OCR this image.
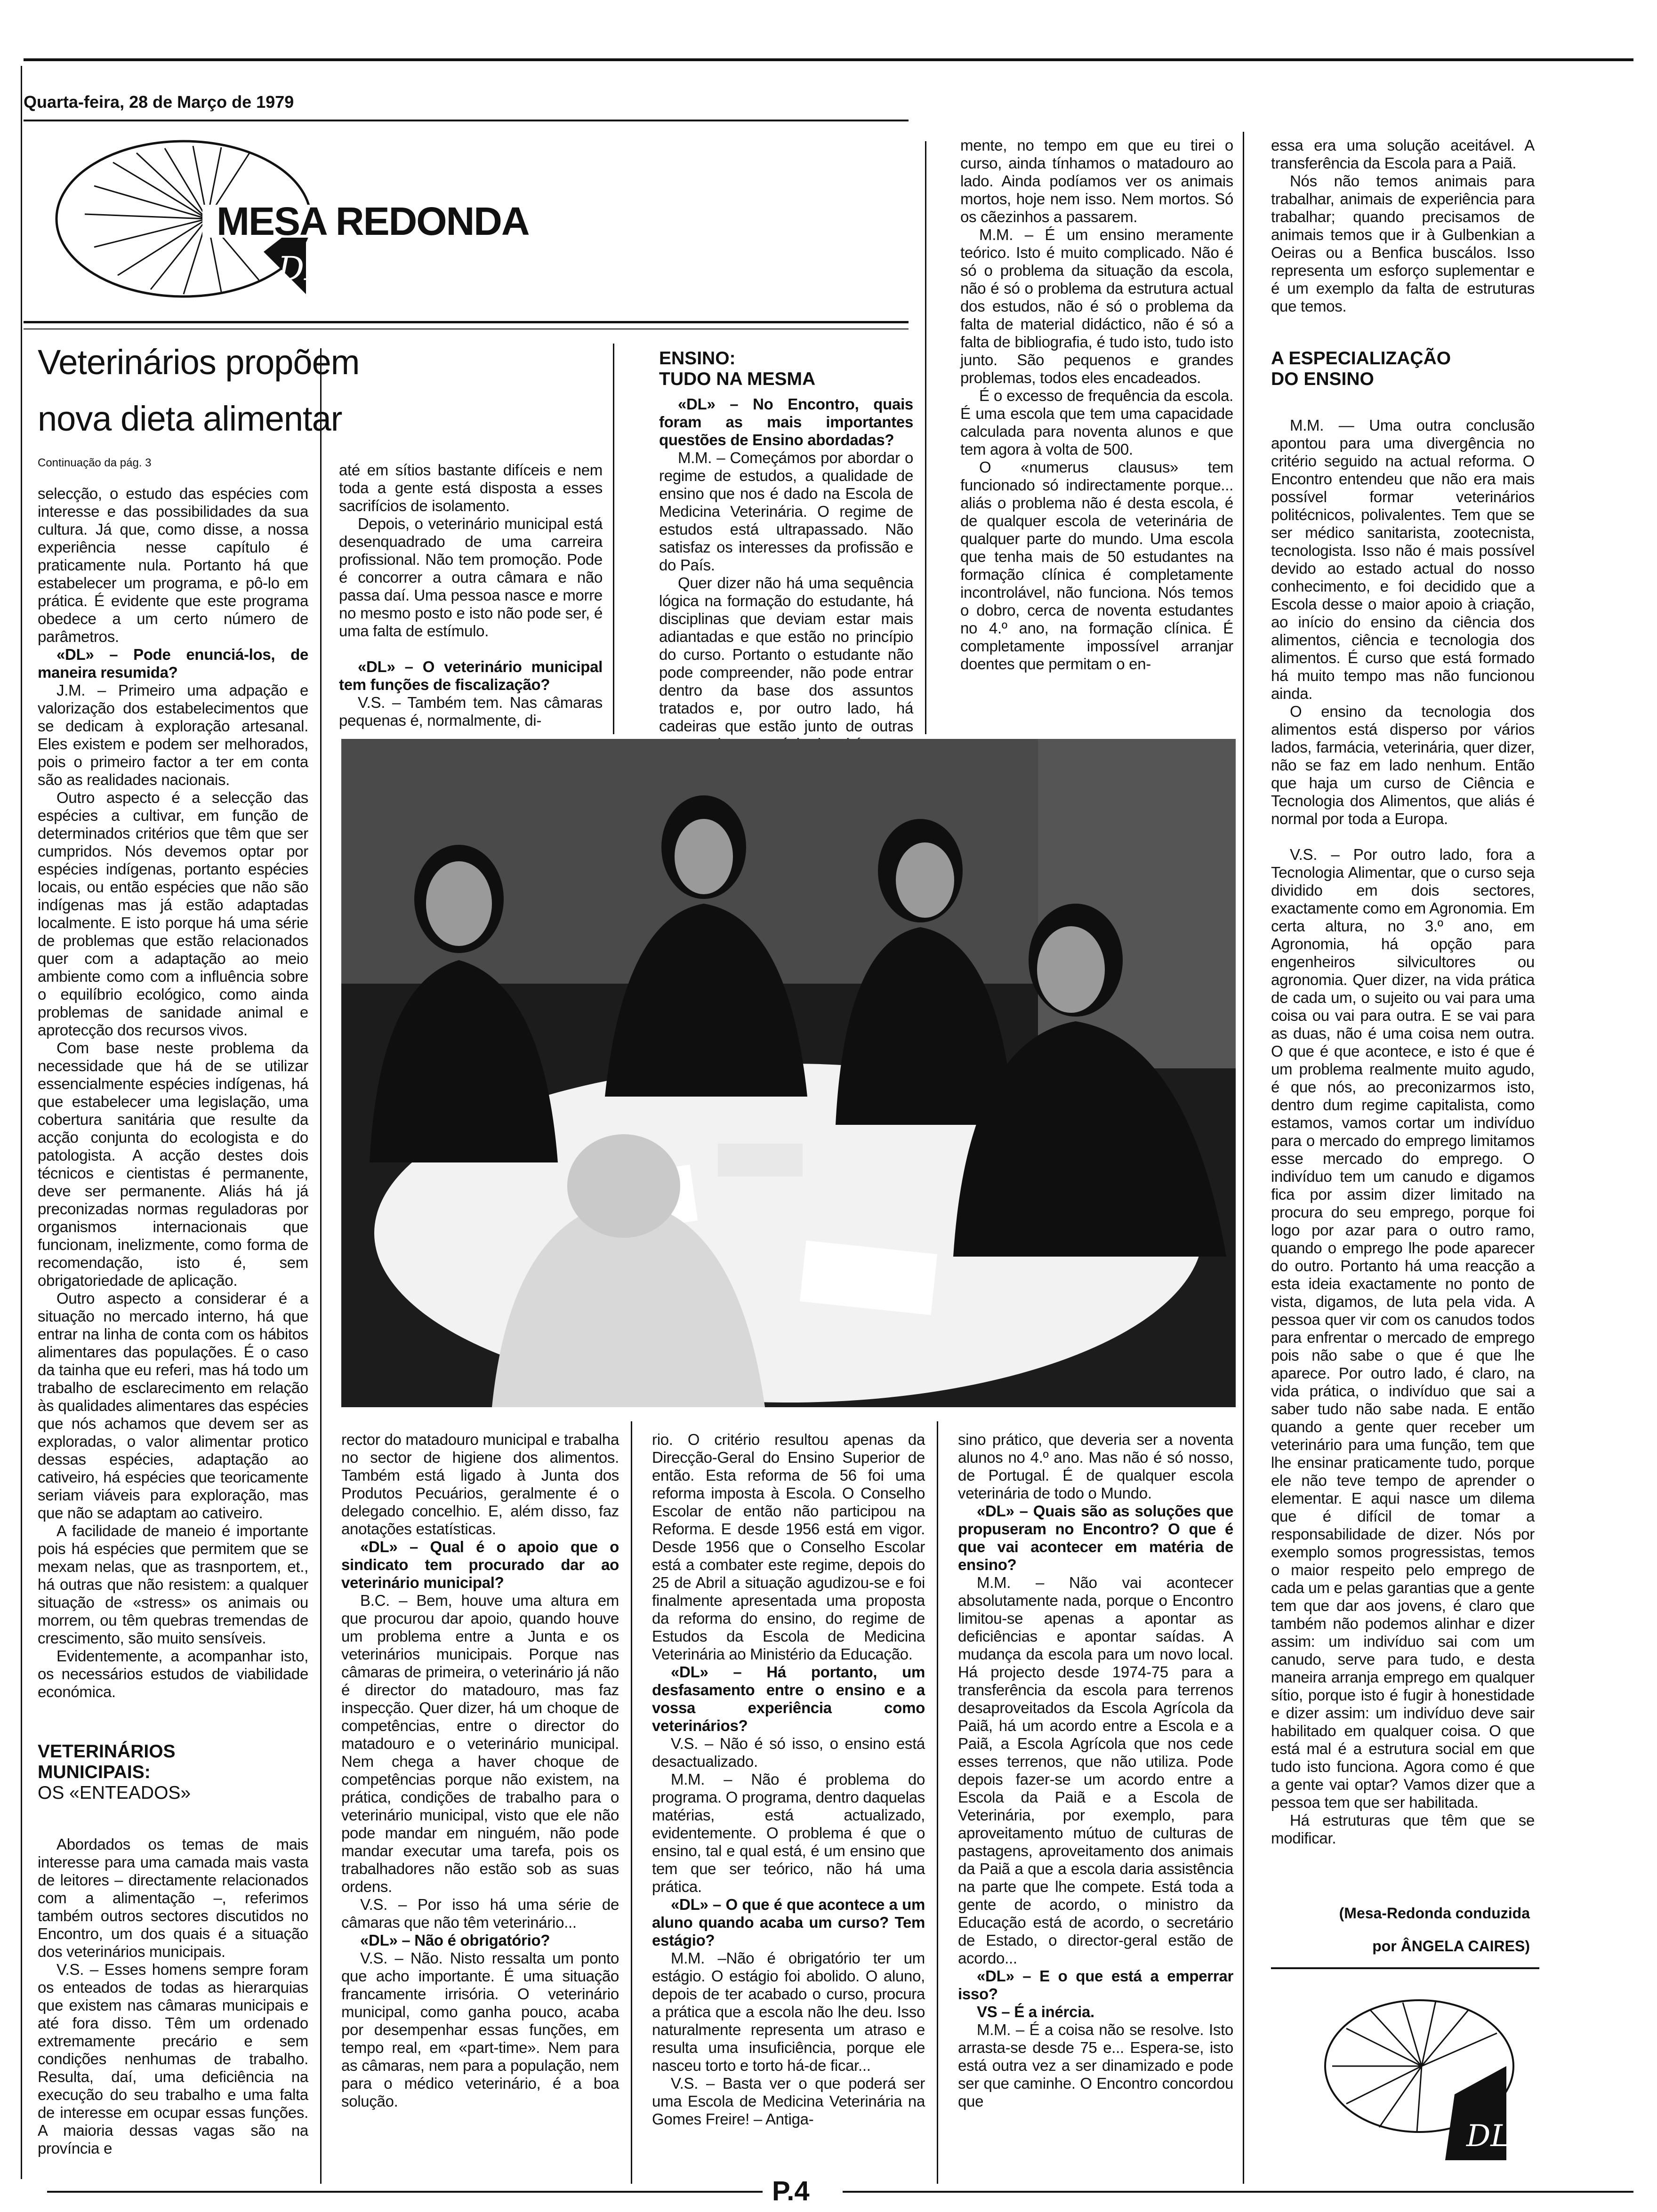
Quarta-feira, 28 de Março de 1979
DL
MESA REDONDA
Veterinários propõem
nova dieta alimentar
Continuação da pág. 3

selecção, o estudo das espécies com interesse e das possibilidades da sua cultura. Já que, como disse, a nossa experiência nesse capítulo é praticamente nula. Portanto há que estabelecer um programa, e pô-lo em prática. É evidente que este programa obedece a um certo número de parâmetros.

«DL» – Pode enunciá-los, de maneira resumida?

J.M. – Primeiro uma adpação e valorização dos estabelecimentos que se dedicam à exploração artesanal. Eles existem e podem ser melhorados, pois o primeiro factor a ter em conta são as realidades nacionais.

Outro aspecto é a selecção das espécies a cultivar, em função de determinados critérios que têm que ser cumpridos. Nós devemos optar por espécies indígenas, portanto espécies locais, ou então espécies que não são indígenas mas já estão adaptadas localmente. E isto porque há uma série de problemas que estão relacionados quer com a adaptação ao meio ambiente como com a influência sobre o equilíbrio ecológico, como ainda problemas de sanidade animal e aprotecção dos recursos vivos.

Com base neste problema da necessidade que há de se utilizar essencialmente espécies indígenas, há que estabelecer uma legislação, uma cobertura sanitária que resulte da acção conjunta do ecologista e do patologista. A acção destes dois técnicos e cientistas é permanente, deve ser permanente. Aliás há já preconizadas normas reguladoras por organismos internacionais que funcionam, inelizmente, como forma de recomendação, isto é, sem obrigatoriedade de aplicação.

Outro aspecto a considerar é a situação no mercado interno, há que entrar na linha de conta com os hábitos alimentares das populações. É o caso da tainha que eu referi, mas há todo um trabalho de esclarecimento em relação às qualidades alimentares das espécies que nós achamos que devem ser as exploradas, o valor alimentar protico dessas espécies, adaptação ao cativeiro, há espécies que teoricamente seriam viáveis para exploração, mas que não se adaptam ao cativeiro.

A facilidade de maneio é importante pois há espécies que permitem que se mexam nelas, que as trasnportem, et., há outras que não resistem: a qualquer situação de «stress» os animais ou morrem, ou têm quebras tremendas de crescimento, são muito sensíveis.

Evidentemente, a acompanhar isto, os necessários estudos de viabilidade económica.

VETERINÁRIOS

MUNICIPAIS:

OS «ENTEADOS»

Abordados os temas de mais interesse para uma camada mais vasta de leitores – directamente relacionados com a alimentação –, referimos também outros sectores discutidos no Encontro, um dos quais é a situação dos veterinários municipais.

V.S. – Esses homens sempre foram os enteados de todas as hierarquias que existem nas câmaras municipais e até fora disso. Têm um ordenado extremamente precário e sem condições nenhumas de trabalho. Resulta, daí, uma deficiência na execução do seu trabalho e uma falta de interesse em ocupar essas funções. A maioria dessas vagas são na província e

até em sítios bastante difíceis e nem toda a gente está disposta a esses sacrifícios de isolamento.

Depois, o veterinário municipal está desenquadrado de uma carreira profissional. Não tem promoção. Pode é concorrer a outra câmara e não passa daí. Uma pessoa nasce e morre no mesmo posto e isto não pode ser, é uma falta de estímulo.

«DL» – O veterinário municipal tem funções de fiscalização?

V.S. – Também tem. Nas câmaras pequenas é, normalmente, di-

ENSINO:

TUDO NA MESMA

«DL» – No Encontro, quais foram as mais importantes questões de Ensino abordadas?

M.M. – Começámos por abordar o regime de estudos, a qualidade de ensino que nos é dado na Escola de Medicina Veterinária. O regime de estudos está ultrapassado. Não satisfaz os interesses da profissão e do País.

Quer dizer não há uma sequência lógica na formação do estudante, há disciplinas que deviam estar mais adiantadas e que estão no princípio do curso. Portanto o estudante não pode compreender, não pode entrar dentro da base dos assuntos tratados e, por outro lado, há cadeiras que estão junto de outras

mente, no tempo em que eu tirei o curso, ainda tínhamos o matadouro ao lado. Ainda podíamos ver os animais mortos, hoje nem isso. Nem mortos. Só os cãezinhos a passarem.

M.M. – É um ensino meramente teórico. Isto é muito complicado. Não é só o problema da situação da escola, não é só o problema da estrutura actual dos estudos, não é só o problema da falta de material didáctico, não é só a falta de bibliografia, é tudo isto, tudo isto junto. São pequenos e grandes problemas, todos eles encadeados.

É o excesso de frequência da escola. É uma escola que tem uma capacidade calculada para noventa alunos e que tem agora à volta de 500.

O «numerus clausus» tem funcionado só indirectamente porque... aliás o problema não é desta escola, é de qualquer escola de veterinária de qualquer parte do mundo. Uma escola que tenha mais de 50 estudantes na formação clínica é completamente incontrolável, não funciona. Nós temos o dobro, cerca de noventa estudantes no 4.º ano, na formação clínica. É completamente impossível arranjar doentes que permitam o en-

essa era uma solução aceitável. A transferência da Escola para a Paiã.

Nós não temos animais para trabalhar, animais de experiência para trabalhar; quando precisamos de animais temos que ir à Gulbenkian a Oeiras ou a Benfica buscálos. Isso representa um esforço suplementar e é um exemplo da falta de estruturas que temos.

A ESPECIALIZAÇÃO

DO ENSINO

M.M. — Uma outra conclusão apontou para uma divergência no critério seguido na actual reforma. O Encontro entendeu que não era mais possível formar veterinários politécnicos, polivalentes. Tem que se ser médico sanitarista, zootecnista, tecnologista. Isso não é mais possível devido ao estado actual do nosso conhecimento, e foi decidido que a Escola desse o maior apoio à criação, ao início do ensino da ciência dos alimentos, ciência e tecnologia dos alimentos. É curso que está formado há muito tempo mas não funcionou ainda.

O ensino da tecnologia dos alimentos está disperso por vários lados, farmácia, veterinária, quer dizer, não se faz em lado nenhum. Então que haja um curso de Ciência e Tecnologia dos Alimentos, que aliás é normal por toda a Europa.

V.S. – Por outro lado, fora a Tecnologia Alimentar, que o curso seja dividido em dois sectores, exactamente como em Agronomia. Em certa altura, no 3.º ano, em Agronomia, há opção para engenheiros silvicultores ou agronomia. Quer dizer, na vida prática de cada um, o sujeito ou vai para uma coisa ou vai para outra. E se vai para as duas, não é uma coisa nem outra. O que é que acontece, e isto é que é um problema realmente muito agudo, é que nós, ao preconizarmos isto, dentro dum regime capitalista, como estamos, vamos cortar um indivíduo para o mercado do emprego limitamos esse mercado do emprego. O indivíduo tem um canudo e digamos fica por assim dizer limitado na procura do seu emprego, porque foi logo por azar para o outro ramo, quando o emprego lhe pode aparecer do outro. Portanto há uma reacção a esta ideia exactamente no ponto de vista, digamos, de luta pela vida. A pessoa quer vir com os canudos todos para enfrentar o mercado de emprego pois não sabe o que é que lhe aparece. Por outro lado, é claro, na vida prática, o indivíduo que sai a saber tudo não sabe nada. E então quando a gente quer receber um veterinário para uma função, tem que lhe ensinar praticamente tudo, porque ele não teve tempo de aprender o elementar. E aqui nasce um dilema que é difícil de tomar a responsabilidade de dizer. Nós por exemplo somos progressistas, temos o maior respeito pelo emprego de cada um e pelas garantias que a gente tem que dar aos jovens, é claro que também não podemos alinhar e dizer assim: um indivíduo sai com um canudo, serve para tudo, e desta maneira arranja emprego em qualquer sítio, porque isto é fugir à honestidade e dizer assim: um indivíduo deve sair habilitado em qualquer coisa. O que está mal é a estrutura social em que tudo isto funciona. Agora como é que a gente vai optar? Vamos dizer que a pessoa tem que ser habilitada.

Há estruturas que têm que se modificar.

(Mesa-Redonda conduzida
por ÂNGELA CAIRES)
DL

rector do matadouro municipal e trabalha no sector de higiene dos alimentos. Também está ligado à Junta dos Produtos Pecuários, geralmente é o delegado concelhio. E, além disso, faz anotações estatísticas.

«DL» – Qual é o apoio que o sindicato tem procurado dar ao veterinário municipal?

B.C. – Bem, houve uma altura em que procurou dar apoio, quando houve um problema entre a Junta e os veterinários municipais. Porque nas câmaras de primeira, o veterinário já não é director do matadouro, mas faz inspecção. Quer dizer, há um choque de competências, entre o director do matadouro e o veterinário municipal. Nem chega a haver choque de competências porque não existem, na prática, condições de trabalho para o veterinário municipal, visto que ele não pode mandar em ninguém, não pode mandar executar uma tarefa, pois os trabalhadores não estão sob as suas ordens.

V.S. – Por isso há uma série de câmaras que não têm veterinário...

«DL» – Não é obrigatório?

V.S. – Não. Nisto ressalta um ponto que acho importante. É uma situação francamente irrisória. O veterinário municipal, como ganha pouco, acaba por desempenhar essas funções, em tempo real, em «part-time». Nem para as câmaras, nem para a população, nem para o médico veterinário, é a boa solução.

rio. O critério resultou apenas da Direcção-Geral do Ensino Superior de então. Esta reforma de 56 foi uma reforma imposta à Escola. O Conselho Escolar de então não participou na Reforma. E desde 1956 está em vigor. Desde 1956 que o Conselho Escolar está a combater este regime, depois do 25 de Abril a situação agudizou-se e foi finalmente apresentada uma proposta da reforma do ensino, do regime de Estudos da Escola de Medicina Veterinária ao Ministério da Educação.

«DL» – Há portanto, um desfasamento entre o ensino e a vossa experiência como veterinários?

V.S. – Não é só isso, o ensino está desactualizado.

M.M. – Não é problema do programa. O programa, dentro daquelas matérias, está actualizado, evidentemente. O problema é que o ensino, tal e qual está, é um ensino que tem que ser teórico, não há uma prática.

«DL» – O que é que acontece a um aluno quando acaba um curso? Tem estágio?

M.M. –Não é obrigatório ter um estágio. O estágio foi abolido. O aluno, depois de ter acabado o curso, procura a prática que a escola não lhe deu. Isso naturalmente representa um atraso e resulta uma insuficiência, porque ele nasceu torto e torto há-de ficar...

V.S. – Basta ver o que poderá ser uma Escola de Medicina Veterinária na Gomes Freire! – Antiga-

sino prático, que deveria ser a noventa alunos no 4.º ano. Mas não é só nosso, de Portugal. É de qualquer escola veterinária de todo o Mundo.

«DL» – Quais são as soluções que propuseram no Encontro? O que é que vai acontecer em matéria de ensino?

M.M. – Não vai acontecer absolutamente nada, porque o Encontro limitou-se apenas a apontar as deficiências e apontar saídas. A mudança da escola para um novo local. Há projecto desde 1974-75 para a transferência da escola para terrenos desaproveitados da Escola Agrícola da Paiã, há um acordo entre a Escola e a Paiã, a Escola Agrícola que nos cede esses terrenos, que não utiliza. Pode depois fazer-se um acordo entre a Escola da Paiã e a Escola de Veterinária, por exemplo, para aproveitamento mútuo de culturas de pastagens, aproveitamento dos animais da Paiã a que a escola daria assistência na parte que lhe compete. Está toda a gente de acordo, o ministro da Educação está de acordo, o secretário de Estado, o director-geral estão de acordo...

«DL» – E o que está a emperrar isso?

VS – É a inércia.

M.M. – É a coisa não se resolve. Isto arrasta-se desde 75 e... Espera-se, isto está outra vez a ser dinamizado e pode ser que caminhe. O Encontro concordou que

P.4
